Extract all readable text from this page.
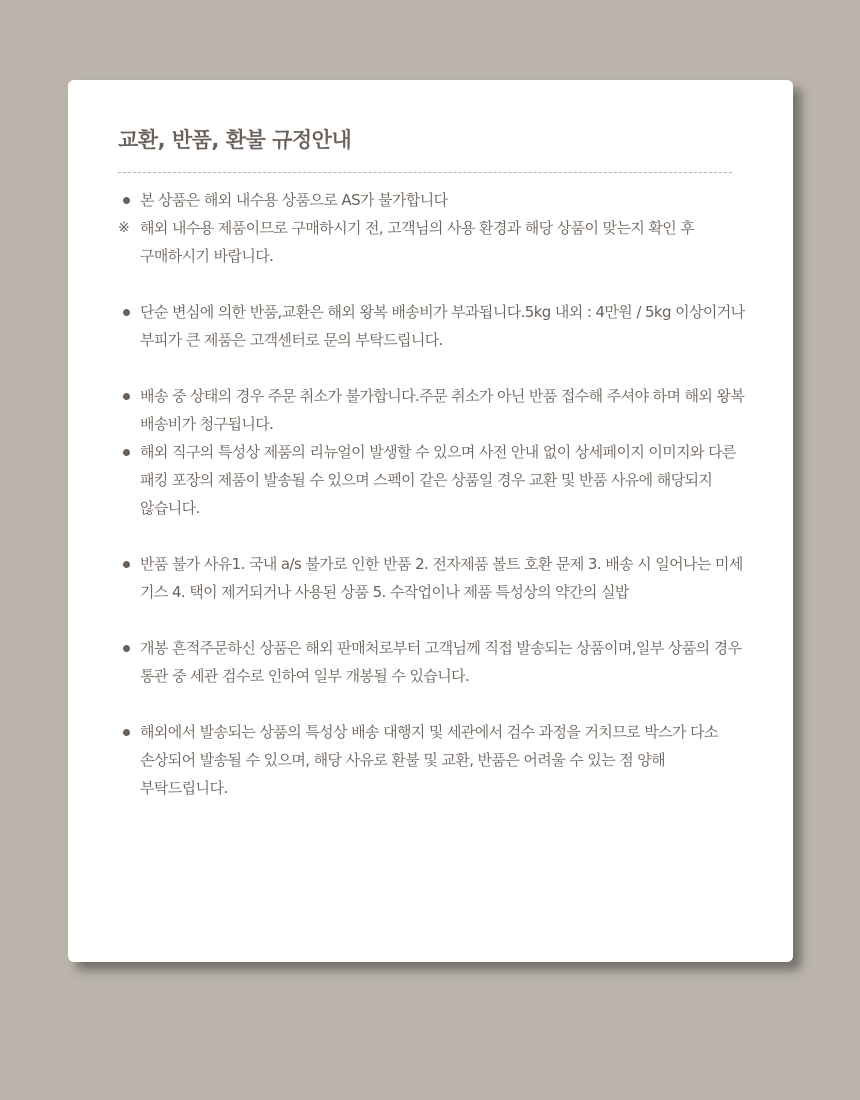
교환, 반품, 환불 규정안내
본 상품은 해외 내수용 상품으로 AS가 불가합니다
※ 해외 내수용 제품이므로 구매하시기 전, 고객님의 사용 환경과 해당 상품이 맞는지 확인 후 구매하시기 바랍니다.
단순 변심에 의한 반품,교환은 해외 왕복 배송비가 부과됩니다.5kg 내외 : 4만원 / 5kg 이상이거나 부피가 큰 제품은 고객센터로 문의 부탁드립니다.
배송 중 상태의 경우 주문 취소가 불가합니다.주문 취소가 아닌 반품 접수해 주셔야 하며 해외 왕복 배송비가 청구됩니다.
해외 직구의 특성상 제품의 리뉴얼이 발생할 수 있으며 사전 안내 없이 상세페이지 이미지와 다른 패킹 포장의 제품이 발송될 수 있으며 스펙이 같은 상품일 경우 교환 및 반품 사유에 해당되지 않습니다.
반품 불가 사유1. 국내 a/s 불가로 인한 반품 2. 전자제품 볼트 호환 문제 3. 배송 시 일어나는 미세 기스 4. 택이 제거되거나 사용된 상품 5. 수작업이나 제품 특성상의 약간의 실밥
개봉 흔적주문하신 상품은 해외 판매처로부터 고객님께 직접 발송되는 상품이며,일부 상품의 경우 통관 중 세관 검수로 인하여 일부 개봉될 수 있습니다.
해외에서 발송되는 상품의 특성상 배송 대행지 및 세관에서 검수 과정을 거치므로 박스가 다소 손상되어 발송될 수 있으며, 해당 사유로 환불 및 교환, 반품은 어려울 수 있는 점 양해 부탁드립니다.
